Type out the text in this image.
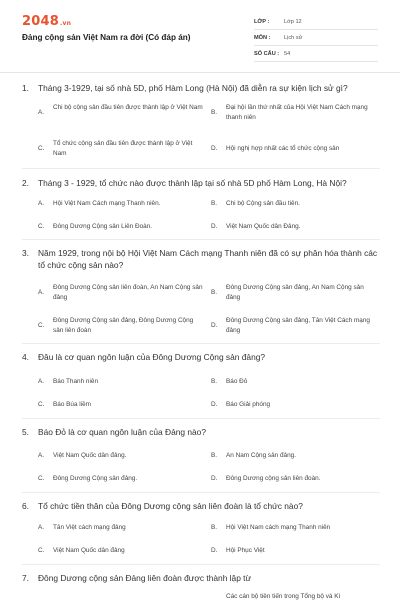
2048.vn
Đảng cộng sản Việt Nam ra đời (Có đáp án)
LỚP :	Lớp 12
MÔN : Lịch sử
SỐ CÂU : 54
1. Tháng 3-1929, tại số nhà 5D, phố Hàm Long (Hà Nội) đã diễn ra sự kiện lịch sử gì?
A.
Chi bộ cộng sản đầu tiên được thành lập ở Việt Nam
B.
Đại hội lần thứ nhất của Hội Việt Nam Cách mạng thanh niên
C.
Tổ chức cộng sản đầu tiên được thành lập ở Việt Nam
D.	Hội nghị hợp nhất các tổ chức cộng sản
2. Tháng 3 - 1929, tổ chức nào được thành lập tại số nhà 5D phố Hàm Long, Hà Nội?
A.	Hội Việt Nam Cách mạng Thanh niên.	B.	Chi bộ Cộng sản đầu tiên.
C.	Đông Dương Cộng sản Liên Đoàn.	D.	Việt Nam Quốc dân Đảng.
3. Năm 1929, trong nội bộ Hội Việt Nam Cách mạng Thanh niên đã có sự phân hóa thành các tổ chức cộng sản nào?
A.
Đông Dương Cộng sản liên đoàn, An Nam Cộng sản đảng
B.
Đông Dương Cộng sản đảng, An Nam Cộng sản đảng
C.
Đông Dương Cộng sản đảng, Đông Dương Cộng sản liên đoàn
D.
Đông Dương Cộng sản đảng, Tân Việt Cách mạng đảng
4. Đâu là cơ quan ngôn luận của Đông Dương Cộng sản đảng?
A.	Báo Thanh niên	B.	Báo Đỏ
C.	Báo Búa liềm	D.	Báo Giải phóng
5. Báo Đỏ là cơ quan ngôn luận của Đảng nào?
A.	Việt Nam Quốc dân đảng.	B.	An Nam Cộng sản đảng.
C.	Đông Dương Cộng sản đảng.	D.	Đông Dương cộng sản liên đoàn.
6. Tổ chức tiền thân của Đông Dương cộng sản liên đoàn là tổ chức nào?
A.	Tân Việt cách mạng đảng	B.	Hội Việt Nam cách mạng Thanh niên
C.	Việt Nam Quốc dân đảng	D.	Hội Phục Việt
7. Đông Dương cộng sản Đảng liên đoàn được thành lập từ
Các cán bộ tiên tiến trong Tổng bộ và Kì
